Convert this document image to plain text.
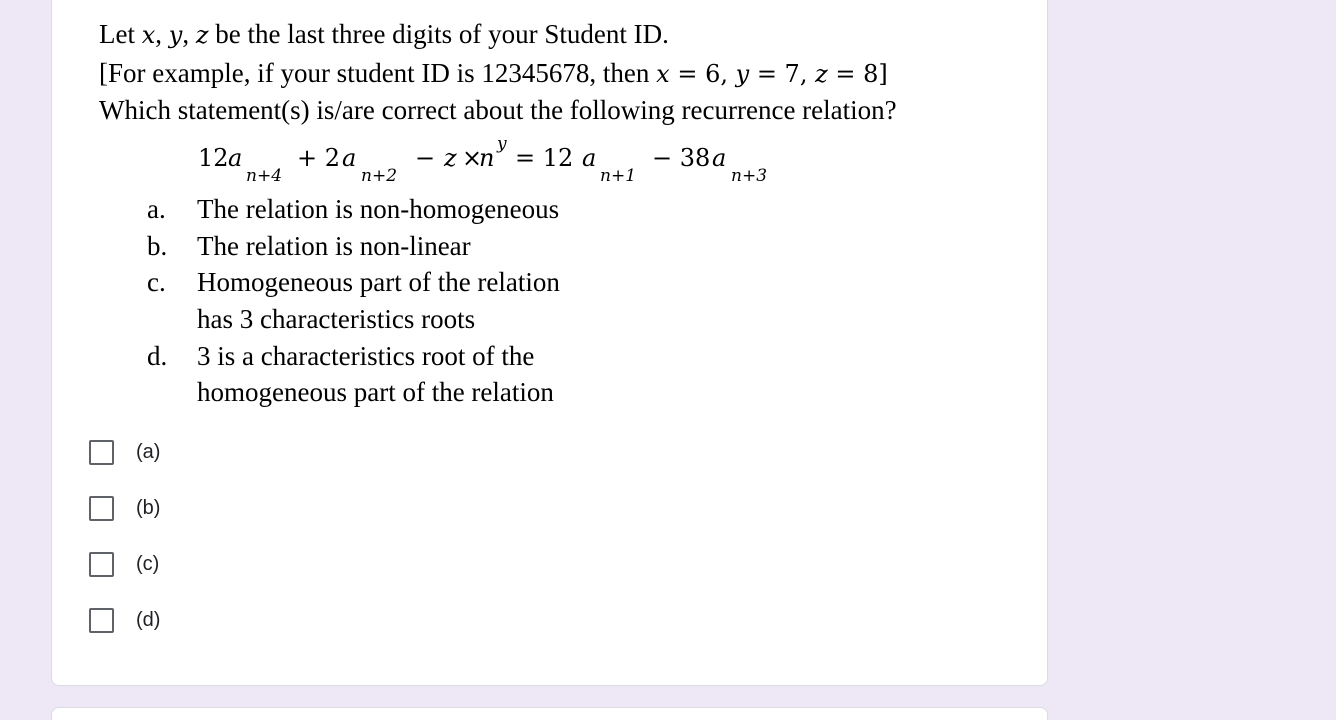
Let x, y, z be the last three digits of your Student ID.
[For example, if your student ID is 12345678, then x = 6, y = 7, z = 8]
Which statement(s) is/are correct about the following recurrence relation?
12 a
n+4
+ 2 a
n+2
− z ×
n y = 12 a
n+1
− 38 a
n+3
a. The relation is non-homogeneous
b. The relation is non-linear
c. Homogeneous part of the relation
has 3 characteristics roots
d. 3 is a characteristics root of the
homogeneous part of the relation
(a)
(b)
(c)
(d)
